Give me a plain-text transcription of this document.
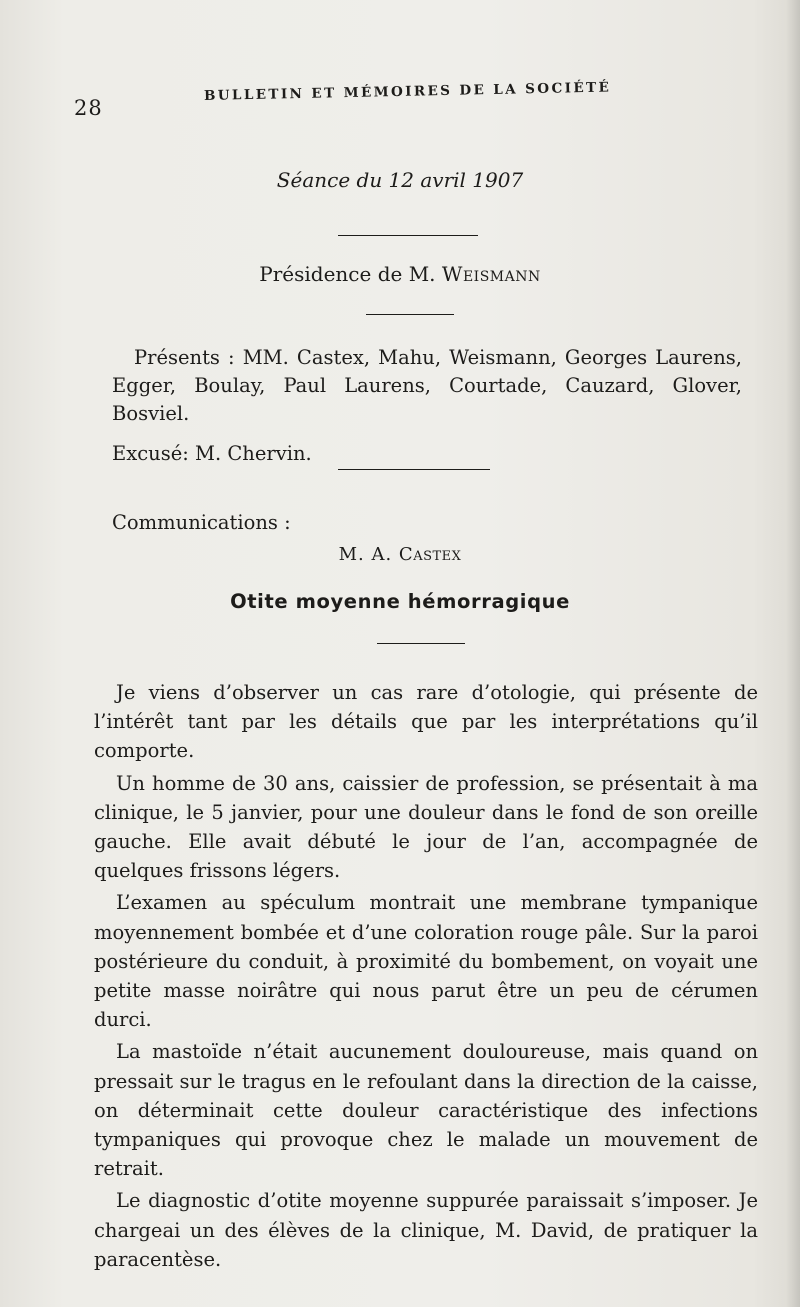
28
BULLETIN ET MÉMOIRES DE LA SOCIÉTÉ
Séance du 12 avril 1907
Présidence de M. Weismann
Présents : MM. Castex, Mahu, Weismann, Georges Laurens, Egger, Boulay, Paul Laurens, Courtade, Cauzard, Glover, Bosviel.
Excusé: M. Chervin.
Communications :
M. A. Castex
Otite moyenne hémorragique

Je viens d’observer un cas rare d’otologie, qui présente de l’intérêt tant par les détails que par les interprétations qu’il comporte.

Un homme de 30 ans, caissier de profession, se présentait à ma clinique, le 5 janvier, pour une douleur dans le fond de son oreille gauche. Elle avait débuté le jour de l’an, accompagnée de quelques frissons légers.

L’examen au spéculum montrait une membrane tympanique moyennement bombée et d’une coloration rouge pâle. Sur la paroi postérieure du conduit, à proximité du bombement, on voyait une petite masse noirâtre qui nous parut être un peu de cérumen durci.

La mastoïde n’était aucunement douloureuse, mais quand on pressait sur le tragus en le refoulant dans la direction de la caisse, on déterminait cette douleur caractéristique des infections tympaniques qui provoque chez le malade un mouvement de retrait.

Le diagnostic d’otite moyenne suppurée paraissait s’imposer. Je chargeai un des élèves de la clinique, M. David, de pratiquer la paracentèse.
